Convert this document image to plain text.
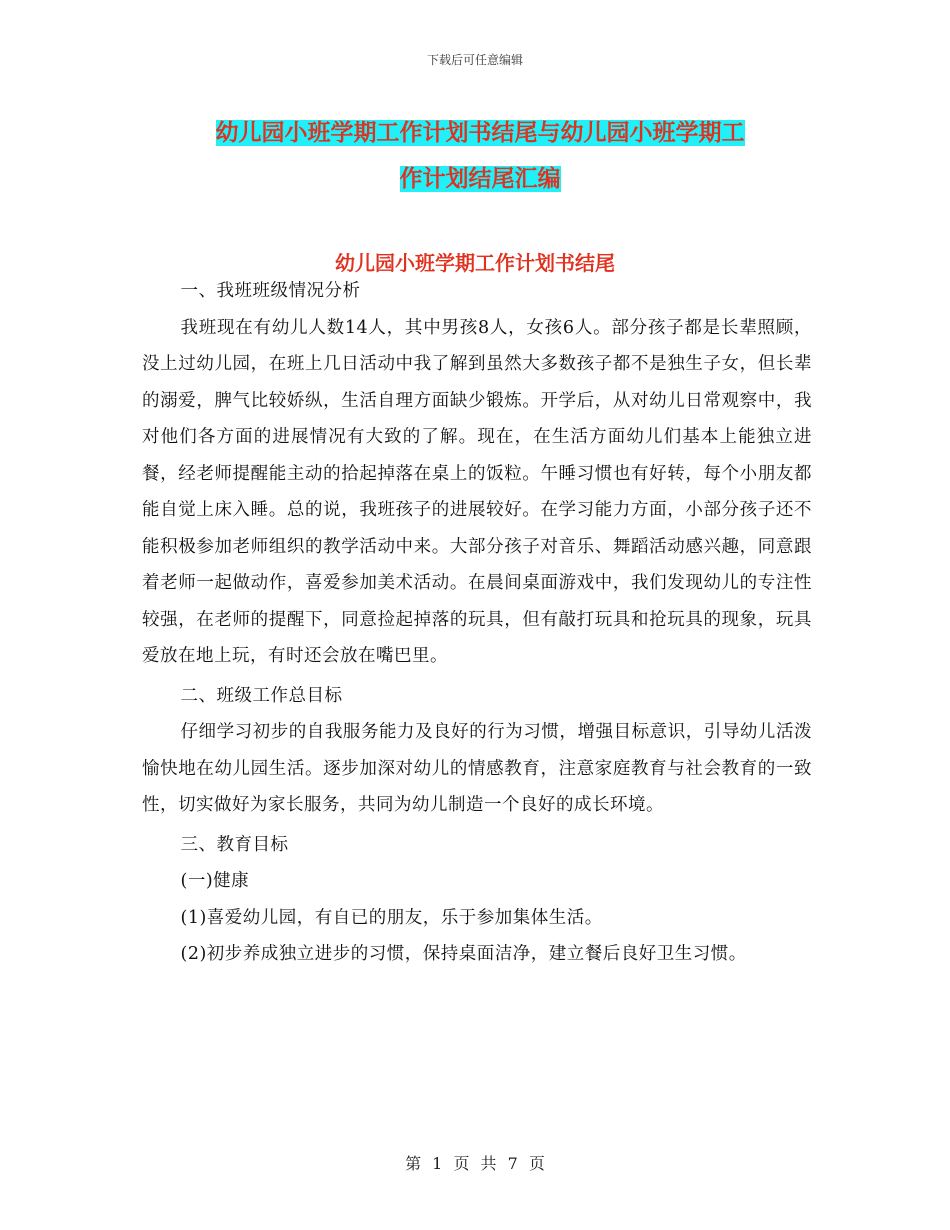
下载后可任意编辑
幼儿园小班学期工作计划书结尾与幼儿园小班学期工
作计划结尾汇编
幼儿园小班学期工作计划书结尾

一、我班班级情况分析

我班现在有幼儿人数14人，其中男孩8人，女孩6人。部分孩子都是长辈照顾，没上过幼儿园，在班上几日活动中我了解到虽然大多数孩子都不是独生子女，但长辈的溺爱，脾气比较娇纵，生活自理方面缺少锻炼。开学后，从对幼儿日常观察中，我对他们各方面的进展情况有大致的了解。现在，在生活方面幼儿们基本上能独立进餐，经老师提醒能主动的拾起掉落在桌上的饭粒。午睡习惯也有好转，每个小朋友都能自觉上床入睡。总的说，我班孩子的进展较好。在学习能力方面，小部分孩子还不能积极参加老师组织的教学活动中来。大部分孩子对音乐、舞蹈活动感兴趣，同意跟着老师一起做动作，喜爱参加美术活动。在晨间桌面游戏中，我们发现幼儿的专注性较强，在老师的提醒下，同意捡起掉落的玩具，但有敲打玩具和抢玩具的现象，玩具爱放在地上玩，有时还会放在嘴巴里。

二、班级工作总目标

仔细学习初步的自我服务能力及良好的行为习惯，增强目标意识，引导幼儿活泼愉快地在幼儿园生活。逐步加深对幼儿的情感教育，注意家庭教育与社会教育的一致性，切实做好为家长服务，共同为幼儿制造一个良好的成长环境。

三、教育目标

(一)健康

(1)喜爱幼儿园，有自已的朋友，乐于参加集体生活。

(2)初步养成独立进步的习惯，保持桌面洁净，建立餐后良好卫生习惯。

第 1 页 共 7 页
